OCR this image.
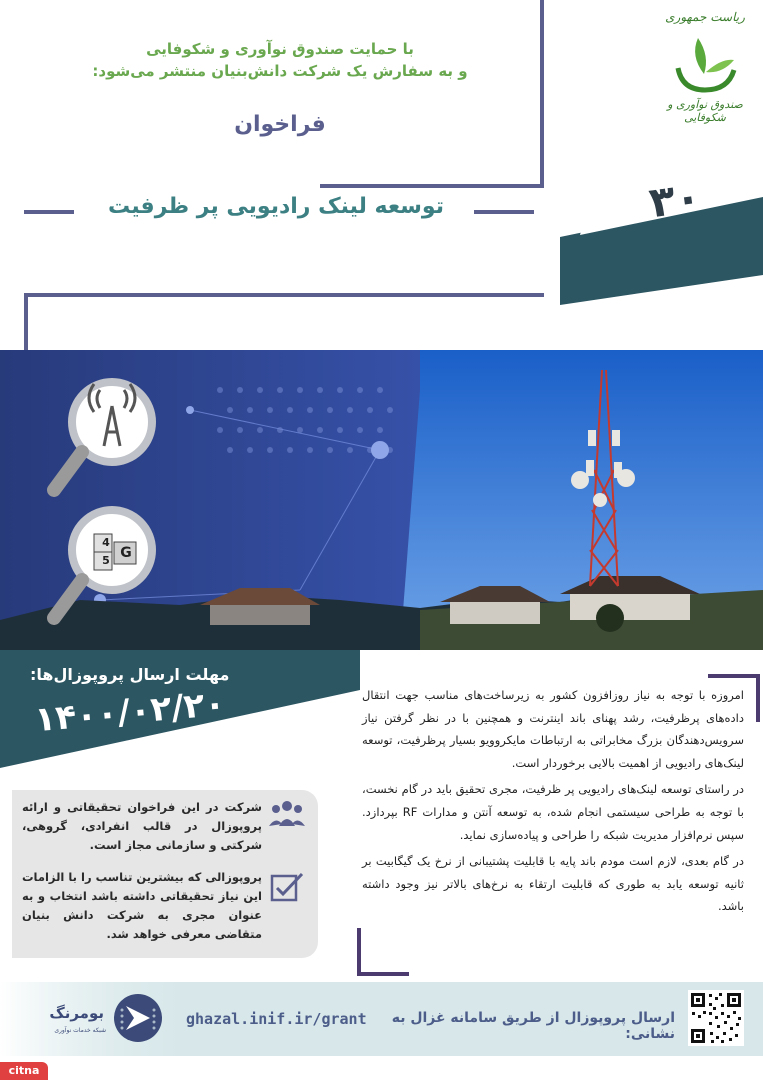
با حمایت صندوق نوآوری و شکوفایی
و به سفارش یک شرکت دانش‌بنیان منتشر می‌شود:
فراخوان
توسعه‌ لینک رادیویی پر ظرفیت
ریاست جمهوری
صندوق نوآوری و شکوفایی
۳۰
4
5 G
مهلت ارسال پروپوزال‌ها:
۱۴۰۰/۰۲/۲۰	امروزه با توجه به نیاز روزافزون کشور به زیرساخت‌های مناسب جهت انتقال داده‌های پرظرفیت، رشد پهنای باند اینترنت و همچنین با در نظر گرفتن نیاز سرویس‌دهندگان بزرگ مخابراتی به ارتباطات مایکروویو بسیار پرظرفیت، توسعه لینک‌های رادیویی از اهمیت بالایی برخوردار است.

در راستای توسعه لینک‌های رادیویی پر ظرفیت، مجری تحقیق باید در گام نخست، با توجه به طراحی سیستمی انجام شده، به توسعه آنتن و مدارات RF بپردازد. سپس نرم‌افزار مدیریت شبکه را طراحی و پیاده‌سازی نماید.

در گام بعدی، لازم است مودم باند پایه با قابلیت پشتیبانی از نرخ یک گیگابیت بر ثانیه توسعه یابد به طوری که قابلیت ارتقاء به نرخ‌های بالاتر نیز وجود داشته باشد.

شرکت در این فراخوان تحقیقاتی و ارائه پروپوزال در قالب انفرادی، گروهی، شرکتی و سازمانی مجاز است.
پروپوزالی که بیشترین تناسب را با الزامات این نیاز تحقیقاتی داشته باشد انتخاب و به عنوان مجری به شرکت دانش بنیان متقاضی معرفی خواهد شد.
ارسال پروپوزال از طریق سامانه غزال به نشانی:
ghazal.inif.ir/grant
بومرنگ
شبکه خدمات نوآوری
citna
